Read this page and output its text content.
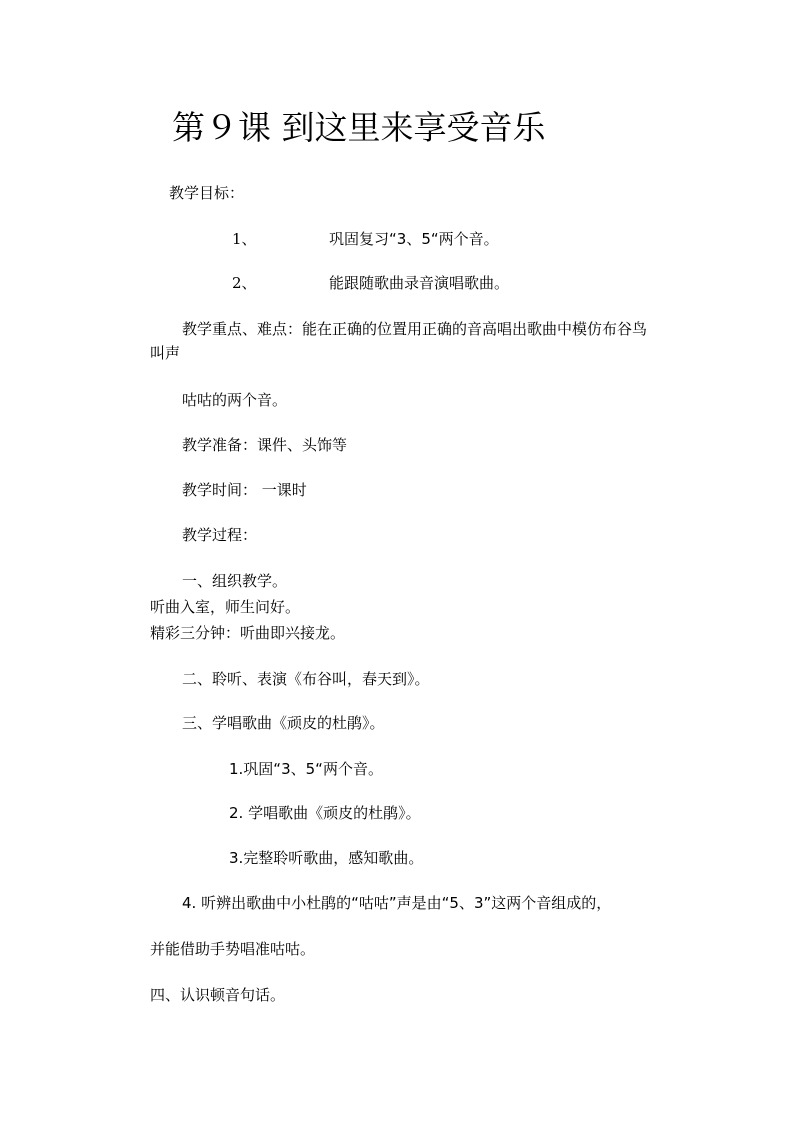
第９课 到这里来享受音乐
教学目标：
1、	巩固复习“3、5“两个音。
2、	能跟随歌曲录音演唱歌曲。
教学重点、难点：能在正确的位置用正确的音高唱出歌曲中模仿布谷鸟
叫声
咕咕的两个音。
教学准备：课件、头饰等
教学时间： 一课时
教学过程：
一、组织教学。
听曲入室，师生问好。
精彩三分钟：听曲即兴接龙。
二、聆听、表演《布谷叫，春天到》。
三、学唱歌曲《顽皮的杜鹃》。
1.巩固“3、5“两个音。
2. 学唱歌曲《顽皮的杜鹃》。
3.完整聆听歌曲，感知歌曲。
4. 听辨出歌曲中小杜鹃的“咕咕”声是由“5、3”这两个音组成的，
并能借助手势唱准咕咕。
四、认识顿音句话。
